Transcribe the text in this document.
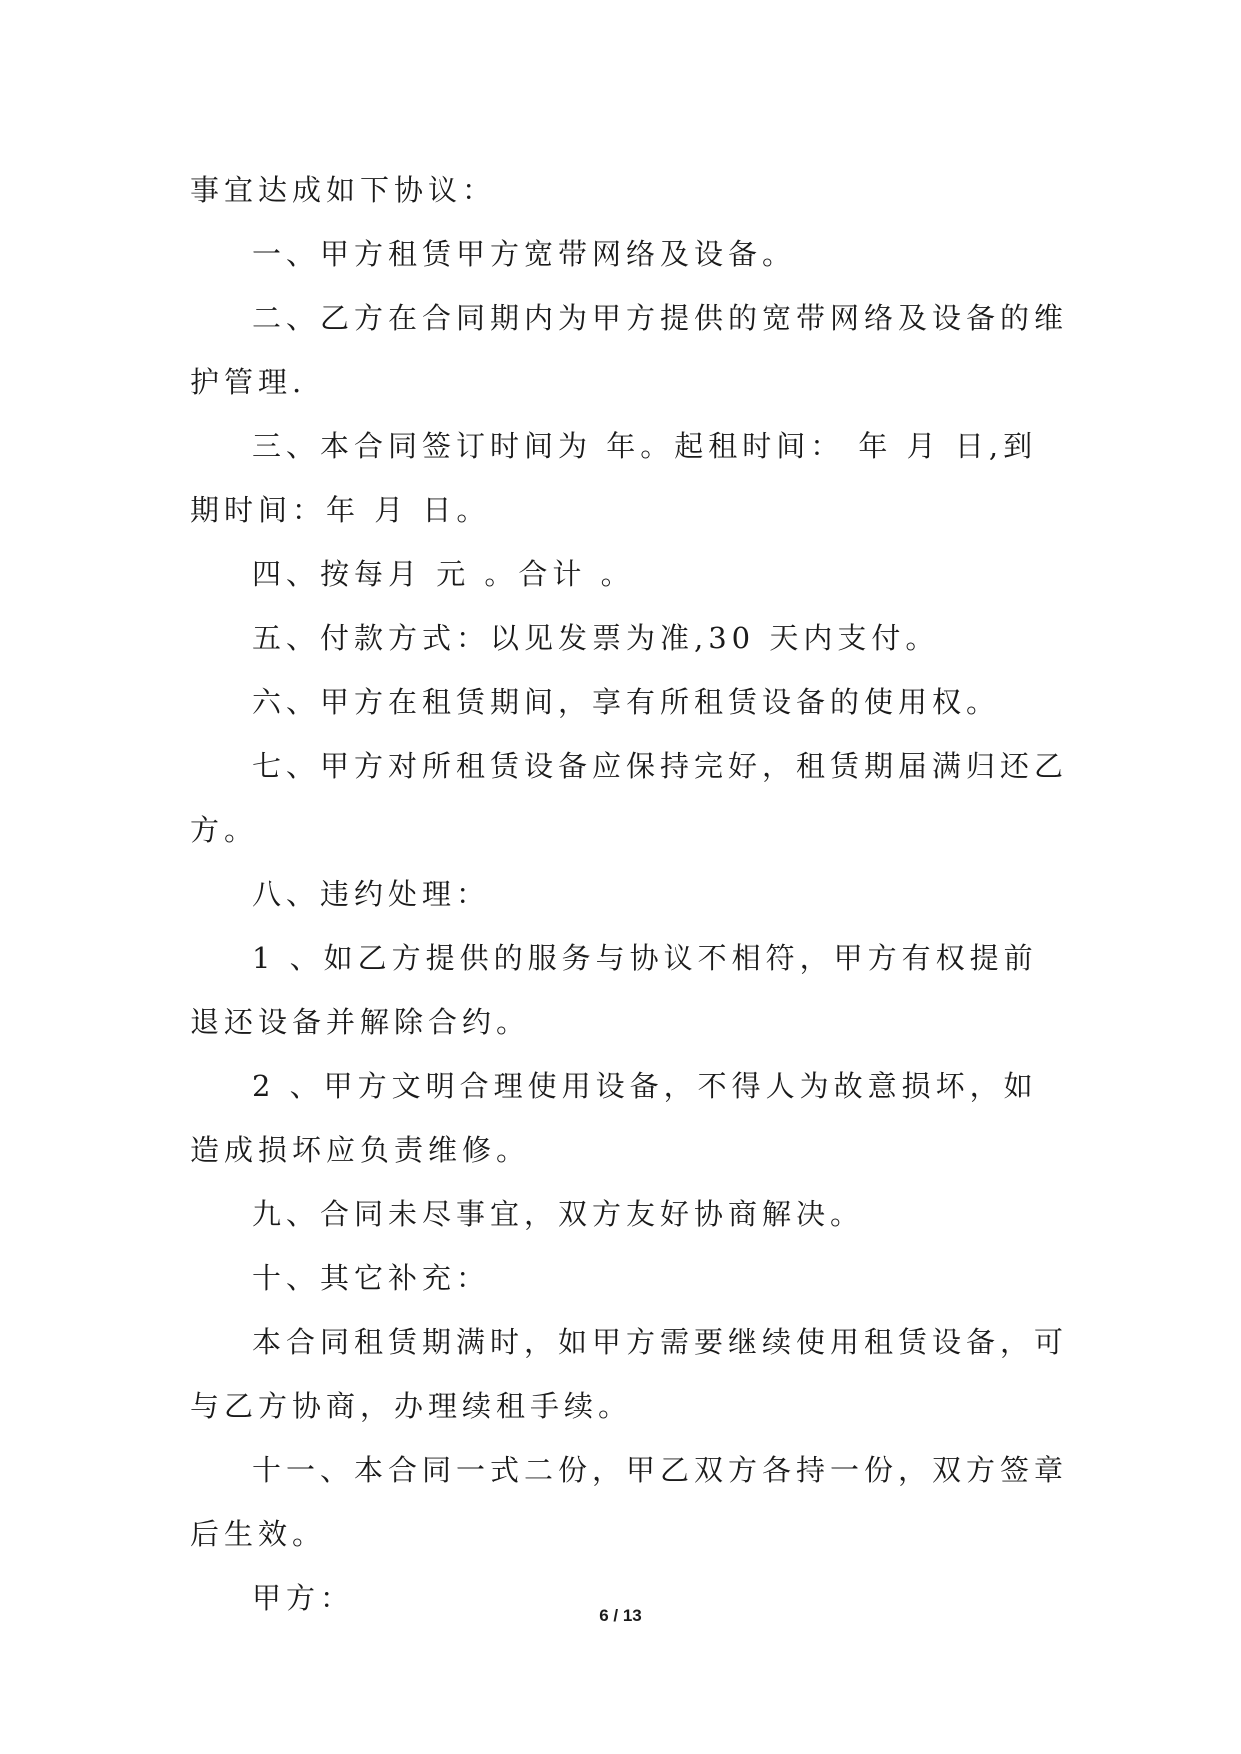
事宜达成如下协议：

一、甲方租赁甲方宽带网络及设备。

二、乙方在合同期内为甲方提供的宽带网络及设备的维护管理.

三、本合同签订时间为 年。起租时间： 年 月 日,到期时间：年 月 日。

四、按每月 元 。合计 。

五、付款方式：以见发票为准,30 天内支付。

六、甲方在租赁期间，享有所租赁设备的使用权。

七、甲方对所租赁设备应保持完好，租赁期届满归还乙方。

八、违约处理：

1 、如乙方提供的服务与协议不相符，甲方有权提前退还设备并解除合约。

2 、甲方文明合理使用设备，不得人为故意损坏，如造成损坏应负责维修。

九、合同未尽事宜，双方友好协商解决。

十、其它补充：

本合同租赁期满时，如甲方需要继续使用租赁设备，可与乙方协商，办理续租手续。

十一、本合同一式二份，甲乙双方各持一份，双方签章后生效。

甲方：

6 / 13
